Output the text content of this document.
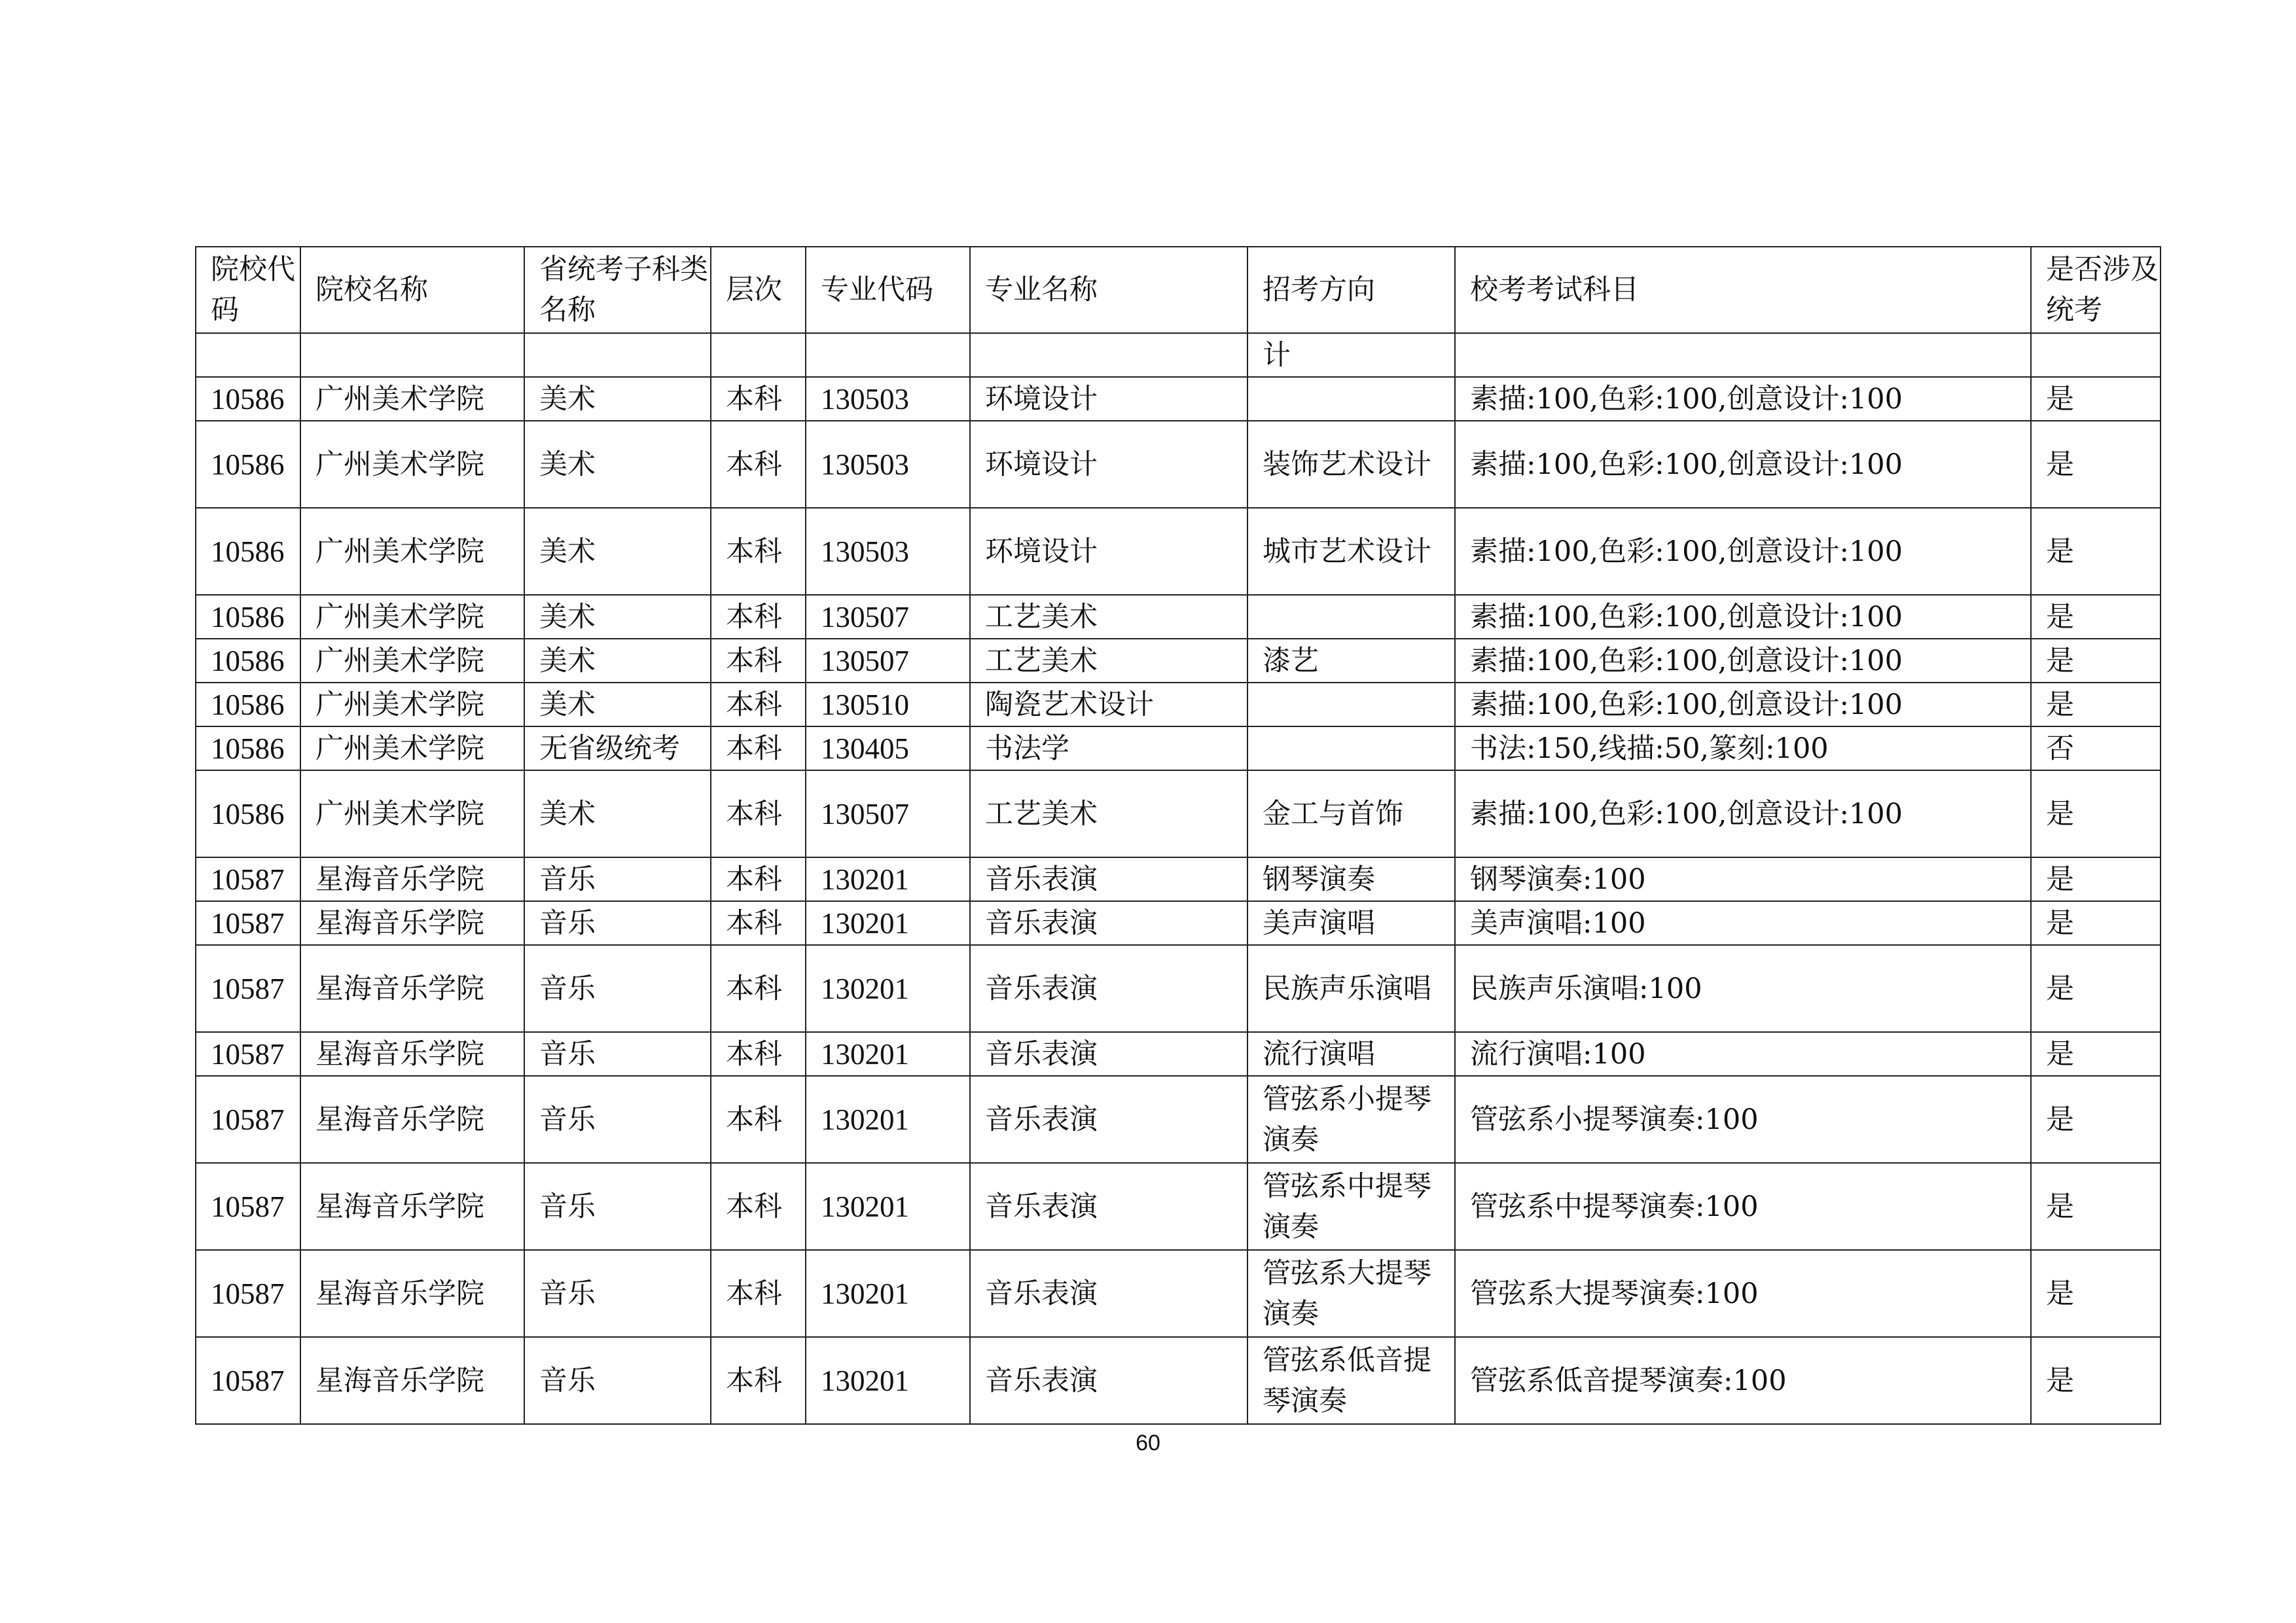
院校代码	院校名称	省统考子科类名称	层次	专业代码	专业名称	招考方向	校考考试科目	是否涉及统考
						计		
10586	广州美术学院	美术	本科	130503	环境设计		素描:100,色彩:100,创意设计:100	是
10586	广州美术学院	美术	本科	130503	环境设计	装饰艺术设计	素描:100,色彩:100,创意设计:100	是
10586	广州美术学院	美术	本科	130503	环境设计	城市艺术设计	素描:100,色彩:100,创意设计:100	是
10586	广州美术学院	美术	本科	130507	工艺美术		素描:100,色彩:100,创意设计:100	是
10586	广州美术学院	美术	本科	130507	工艺美术	漆艺	素描:100,色彩:100,创意设计:100	是
10586	广州美术学院	美术	本科	130510	陶瓷艺术设计		素描:100,色彩:100,创意设计:100	是
10586	广州美术学院	无省级统考	本科	130405	书法学		书法:150,线描:50,篆刻:100	否
10586	广州美术学院	美术	本科	130507	工艺美术	金工与首饰	素描:100,色彩:100,创意设计:100	是
10587	星海音乐学院	音乐	本科	130201	音乐表演	钢琴演奏	钢琴演奏:100	是
10587	星海音乐学院	音乐	本科	130201	音乐表演	美声演唱	美声演唱:100	是
10587	星海音乐学院	音乐	本科	130201	音乐表演	民族声乐演唱	民族声乐演唱:100	是
10587	星海音乐学院	音乐	本科	130201	音乐表演	流行演唱	流行演唱:100	是
10587	星海音乐学院	音乐	本科	130201	音乐表演	管弦系小提琴演奏	管弦系小提琴演奏:100	是
10587	星海音乐学院	音乐	本科	130201	音乐表演	管弦系中提琴演奏	管弦系中提琴演奏:100	是
10587	星海音乐学院	音乐	本科	130201	音乐表演	管弦系大提琴演奏	管弦系大提琴演奏:100	是
10587	星海音乐学院	音乐	本科	130201	音乐表演	管弦系低音提琴演奏	管弦系低音提琴演奏:100	是
60
